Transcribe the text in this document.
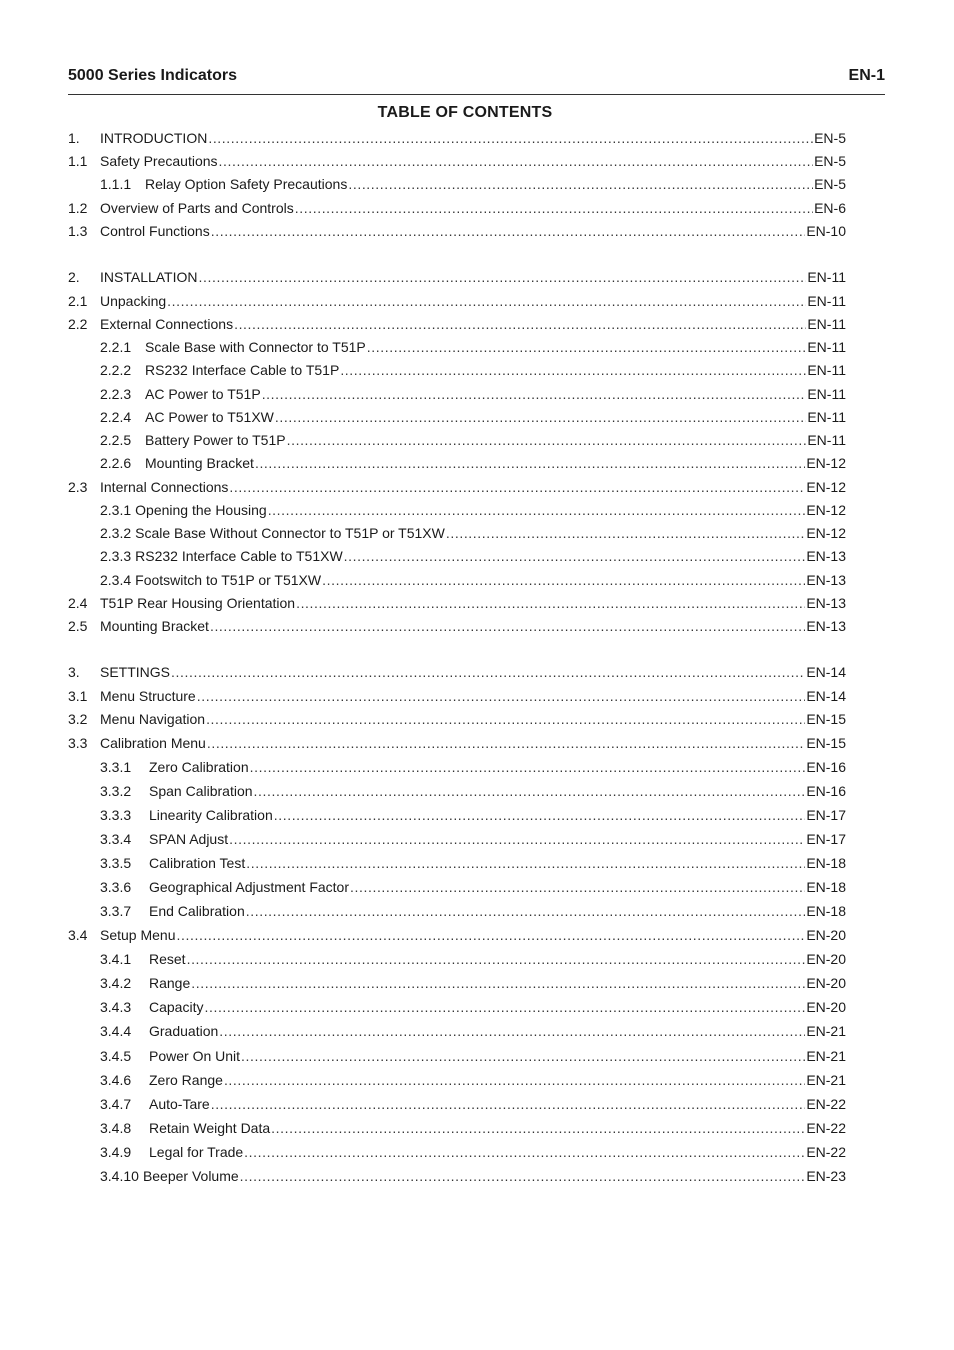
5000 Series Indicators	EN-1
TABLE OF CONTENTS
1.	INTRODUCTION .....	EN-5
1.1 Safety Precautions .....	EN-5
1.1.1 Relay Option Safety Precautions .....	EN-5
1.2 Overview of Parts and Controls .....	EN-6
1.3 Control Functions .....	EN-10
2.	INSTALLATION .....	EN-11
2.1 Unpacking .....	EN-11
2.2 External Connections .....	EN-11
2.2.1 Scale Base with Connector to T51P .....	EN-11
2.2.2 RS232 Interface Cable to T51P .....	EN-11
2.2.3 AC Power to T51P .....	EN-11
2.2.4 AC Power to T51XW .....	EN-11
2.2.5 Battery Power to T51P .....	EN-11
2.2.6 Mounting Bracket .....	EN-12
2.3 Internal Connections .....	EN-12
2.3.1 Opening the Housing .....	EN-12
2.3.2 Scale Base Without Connector to T51P or T51XW .....	EN-12
2.3.3 RS232 Interface Cable to T51XW .....	EN-13
2.3.4 Footswitch to T51P or T51XW .....	EN-13
2.4 T51P Rear Housing Orientation .....	EN-13
2.5 Mounting Bracket .....	EN-13
3.	SETTINGS .....	EN-14
3.1 Menu Structure .....	EN-14
3.2 Menu Navigation .....	EN-15
3.3 Calibration Menu .....	EN-15
3.3.1	Zero Calibration .....	EN-16
3.3.2	Span Calibration .....	EN-16
3.3.3	Linearity Calibration .....	EN-17
3.3.4	SPAN Adjust .....	EN-17
3.3.5	Calibration Test .....	EN-18
3.3.6	Geographical Adjustment Factor .....	EN-18
3.3.7	End Calibration .....	EN-18
3.4 Setup Menu .....	EN-20
3.4.1	Reset .....	EN-20
3.4.2	Range .....	EN-20
3.4.3	Capacity .....	EN-20
3.4.4	Graduation .....	EN-21
3.4.5	Power On Unit .....	EN-21
3.4.6	Zero Range .....	EN-21
3.4.7	Auto-Tare .....	EN-22
3.4.8	Retain Weight Data .....	EN-22
3.4.9	Legal for Trade .....	EN-22
3.4.10 Beeper Volume .....	EN-23
